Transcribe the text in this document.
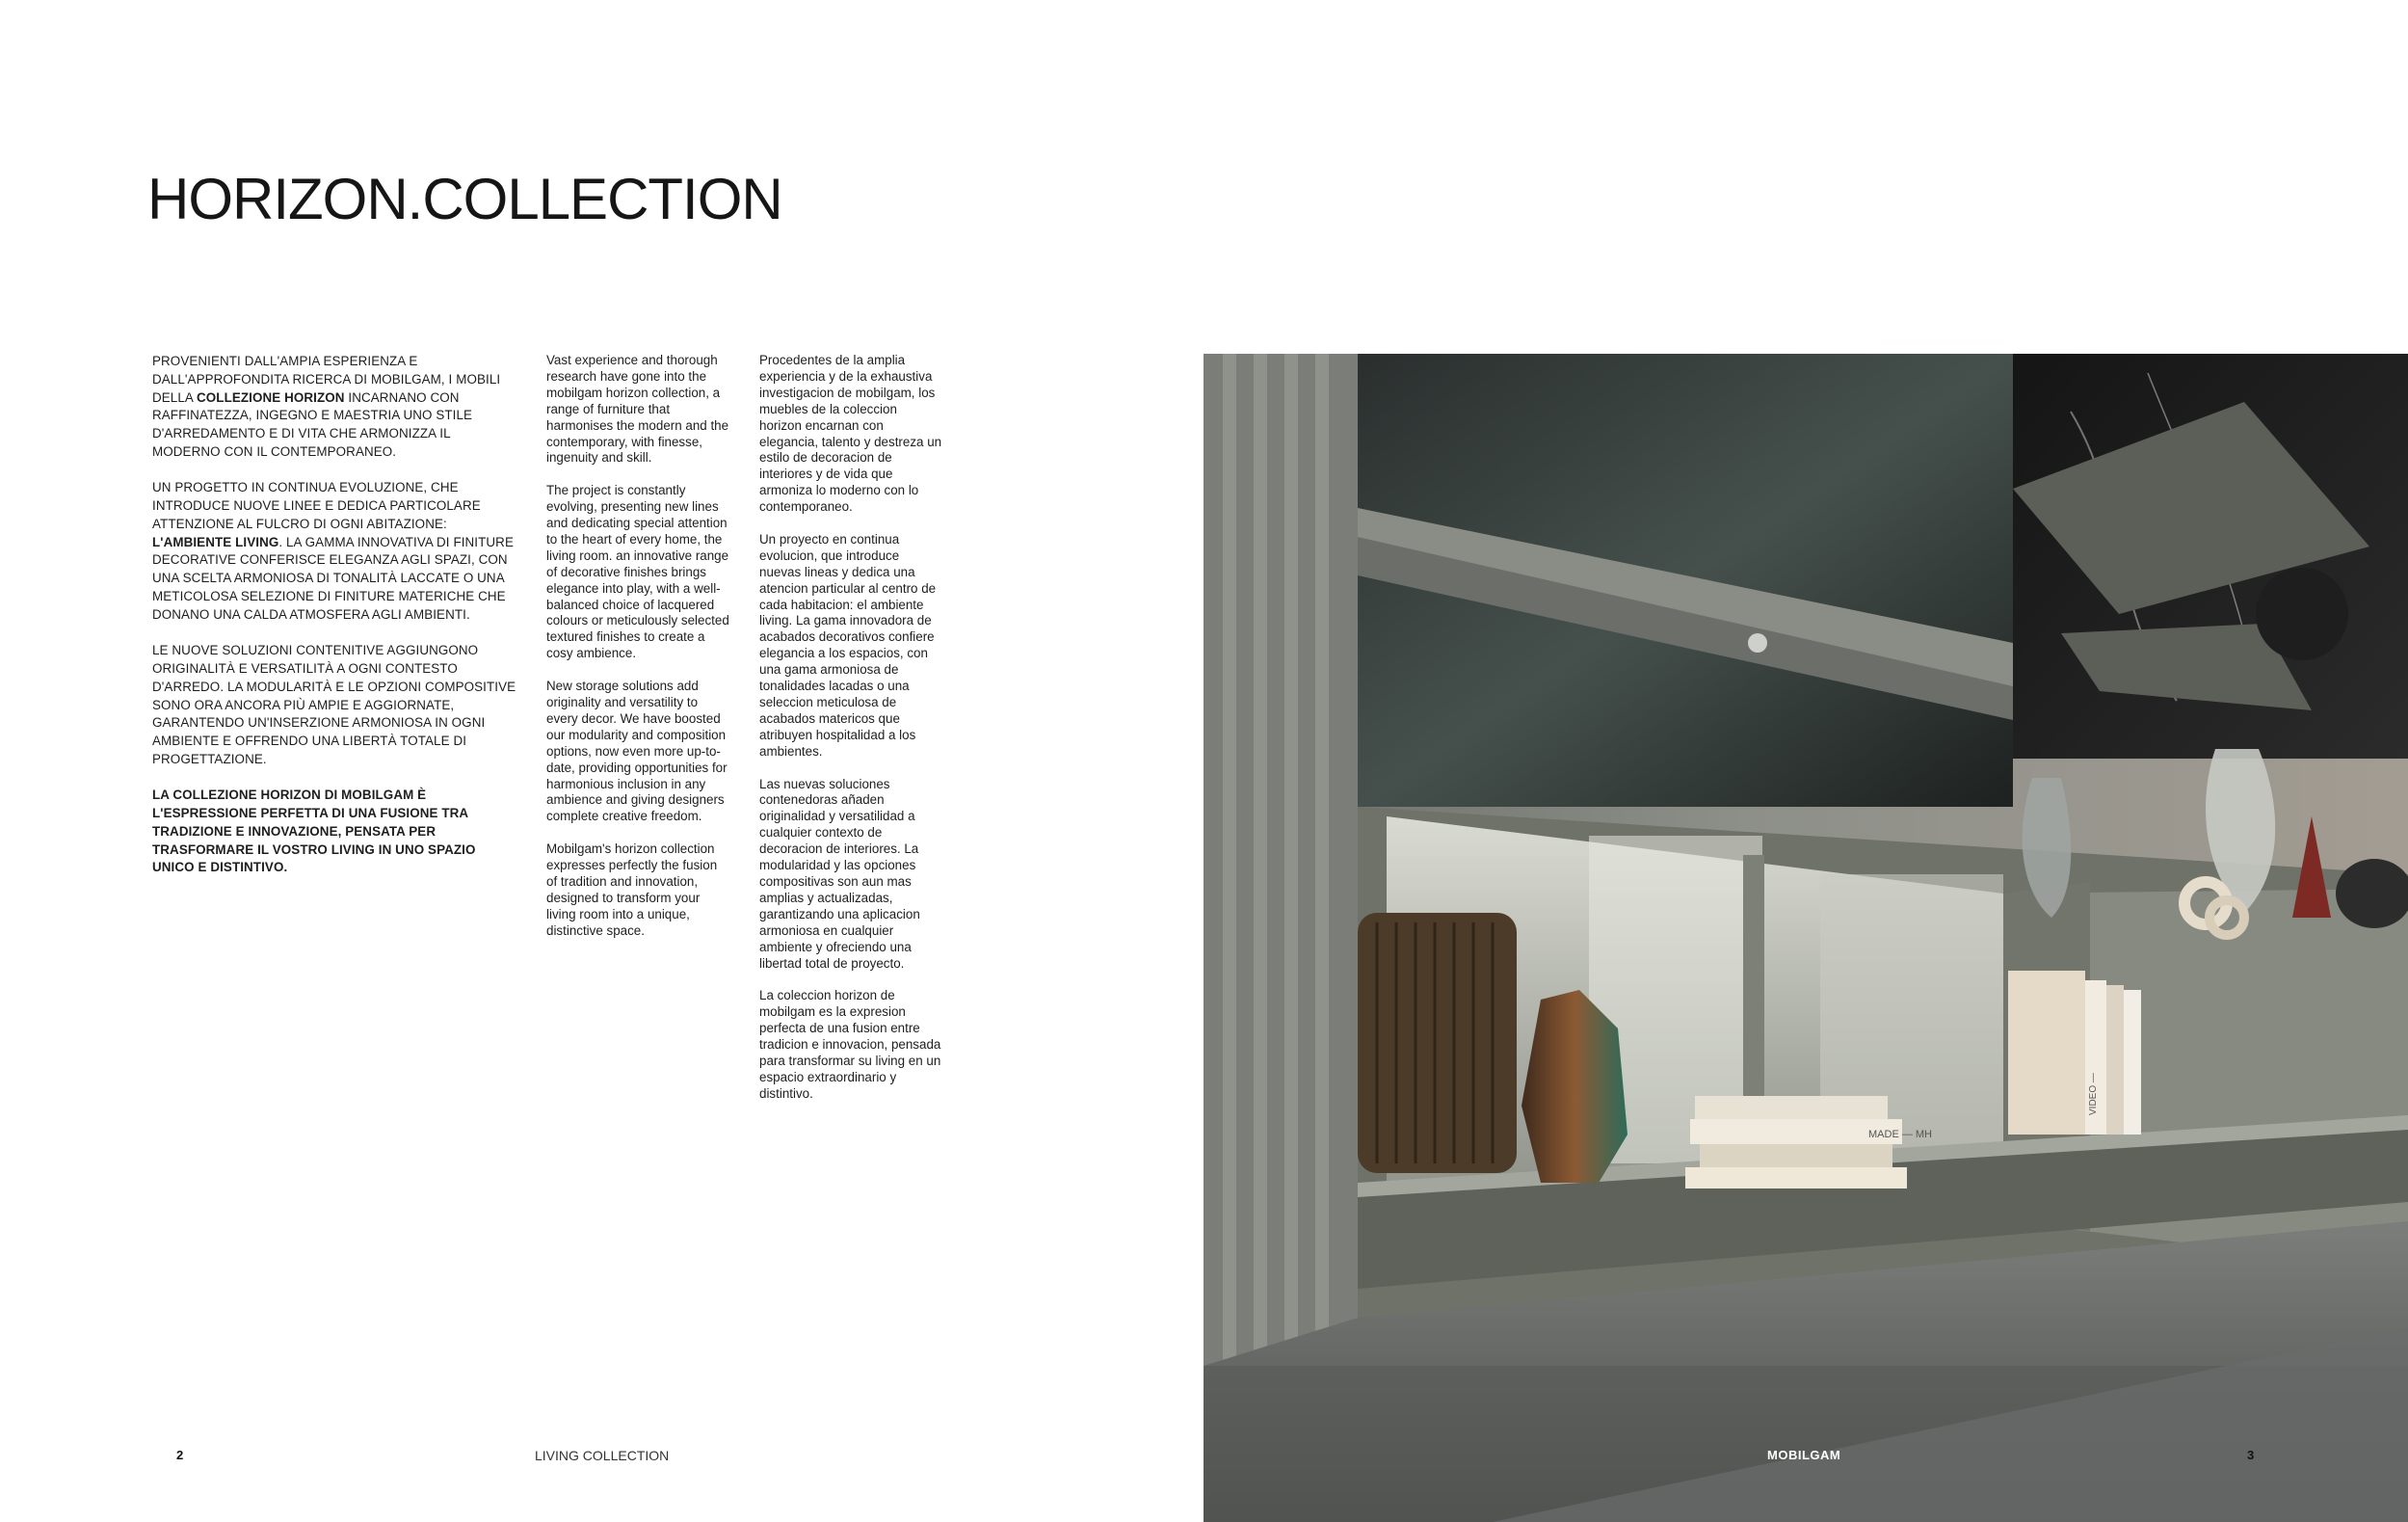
HORIZON.COLLECTION

PROVENIENTI DALL'AMPIA ESPERIENZA E DALL'APPROFONDITA RICERCA DI MOBILGAM, I MOBILI DELLA COLLEZIONE HORIZON INCARNANO CON RAFFINATEZZA, INGEGNO E MAESTRIA UNO STILE D'ARREDAMENTO E DI VITA CHE ARMONIZZA IL MODERNO CON IL CONTEMPORANEO.

UN PROGETTO IN CONTINUA EVOLUZIONE, CHE INTRODUCE NUOVE LINEE E DEDICA PARTICOLARE ATTENZIONE AL FULCRO DI OGNI ABITAZIONE: L'AMBIENTE LIVING. LA GAMMA INNOVATIVA DI FINITURE DECORATIVE CONFERISCE ELEGANZA AGLI SPAZI, CON UNA SCELTA ARMONIOSA DI TONALITÀ LACCATE O UNA METICOLOSA SELEZIONE DI FINITURE MATERICHE CHE DONANO UNA CALDA ATMOSFERA AGLI AMBIENTI.

LE NUOVE SOLUZIONI CONTENITIVE AGGIUNGONO ORIGINALITÀ E VERSATILITÀ A OGNI CONTESTO D'ARREDO. LA MODULARITÀ E LE OPZIONI COMPOSITIVE SONO ORA ANCORA PIÙ AMPIE E AGGIORNATE, GARANTENDO UN'INSERZIONE ARMONIOSA IN OGNI AMBIENTE E OFFRENDO UNA LIBERTÀ TOTALE DI PROGETTAZIONE.

LA COLLEZIONE HORIZON DI MOBILGAM È L'ESPRESSIONE PERFETTA DI UNA FUSIONE TRA TRADIZIONE E INNOVAZIONE, PENSATA PER TRASFORMARE IL VOSTRO LIVING IN UNO SPAZIO UNICO E DISTINTIVO.

Vast experience and thorough research have gone into the mobilgam horizon collection, a range of furniture that harmonises the modern and the contemporary, with finesse, ingenuity and skill.

The project is constantly evolving, presenting new lines and dedicating special attention to the heart of every home, the living room. an innovative range of decorative finishes brings elegance into play, with a well-balanced choice of lacquered colours or meticulously selected textured finishes to create a cosy ambience.

New storage solutions add originality and versatility to every decor. We have boosted our modularity and composition options, now even more up-to-date, providing opportunities for harmonious inclusion in any ambience and giving designers complete creative freedom.

Mobilgam's horizon collection expresses perfectly the fusion of tradition and innovation, designed to transform your living room into a unique, distinctive space.

Procedentes de la amplia experiencia y de la exhaustiva investigacion de mobilgam, los muebles de la coleccion horizon encarnan con elegancia, talento y destreza un estilo de decoracion de interiores y de vida que armoniza lo moderno con lo contemporaneo.

Un proyecto en continua evolucion, que introduce nuevas lineas y dedica una atencion particular al centro de cada habitacion: el ambiente living. La gama innovadora de acabados decorativos confiere elegancia a los espacios, con una gama armoniosa de tonalidades lacadas o una seleccion meticulosa de acabados matericos que atribuyen hospitalidad a los ambientes.

Las nuevas soluciones contenedoras añaden originalidad y versatilidad a cualquier contexto de decoracion de interiores. La modularidad y las opciones compositivas son aun mas amplias y actualizadas, garantizando una aplicacion armoniosa en cualquier ambiente y ofreciendo una libertad total de proyecto.

La coleccion horizon de mobilgam es la expresion perfecta de una fusion entre tradicion e innovacion, pensada para transformar su living en un espacio extraordinario y distintivo.

MADE — MH
VIDEO —
2	LIVING COLLECTION	MOBILGAM	3
